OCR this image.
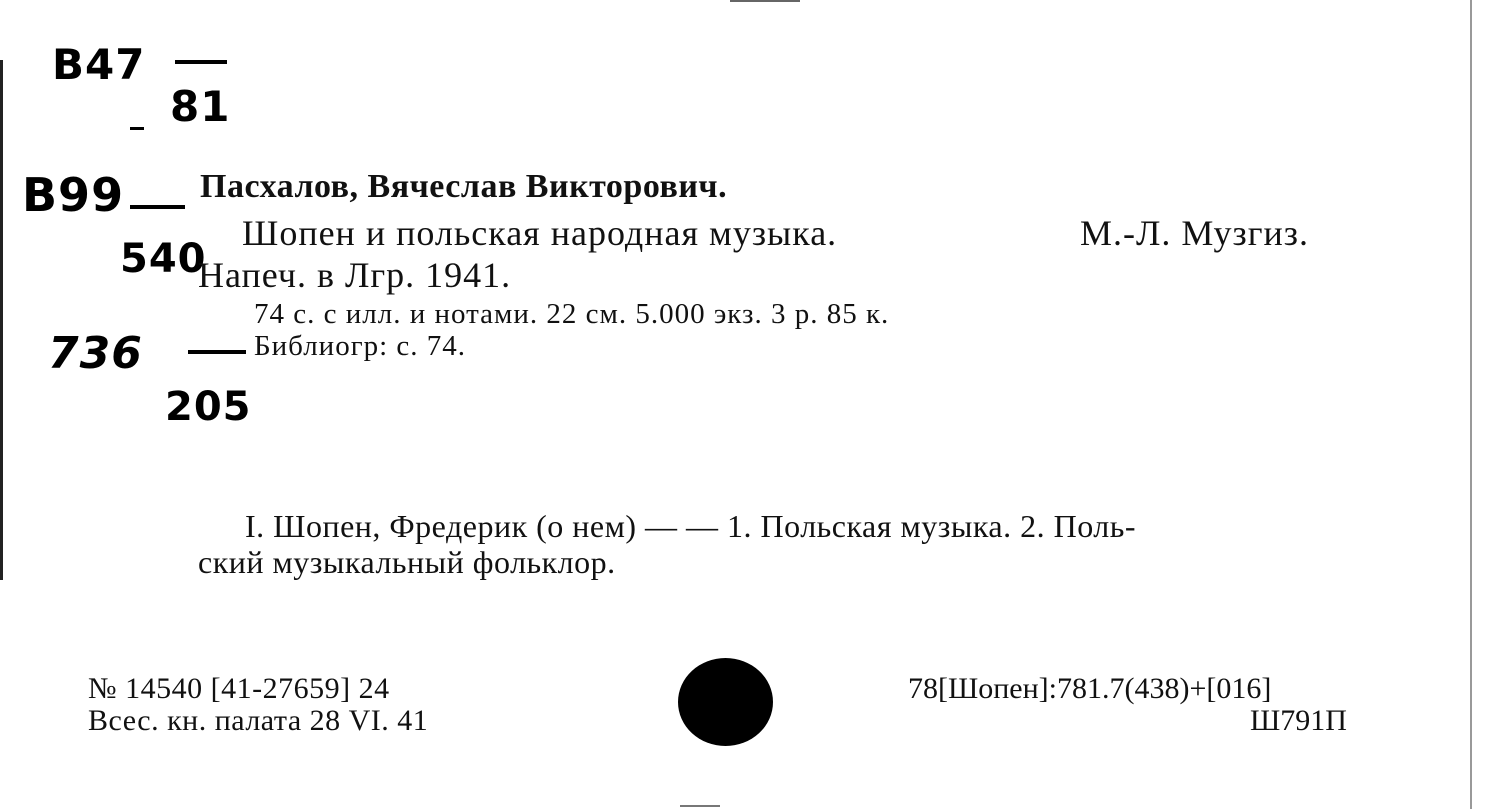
В47
81
В99
540
736
205
Пасхалов, Вячеслав Викторович.
Шопен и польская народная музыка.	М.-Л. Музгиз.
Напеч. в Лгр. 1941.
74 с. с илл. и нотами. 22 см. 5.000 экз. 3 р. 85 к.
Библиогр: с. 74.
I. Шопен, Фредерик (о нем) — — 1. Польская музыка. 2. Поль-
ский музыкальный фольклор.
№ 14540 [41-27659] 24
Всес. кн. палата 28 VI. 41
78[Шопен]:781.7(438)+[016]
Ш791П
